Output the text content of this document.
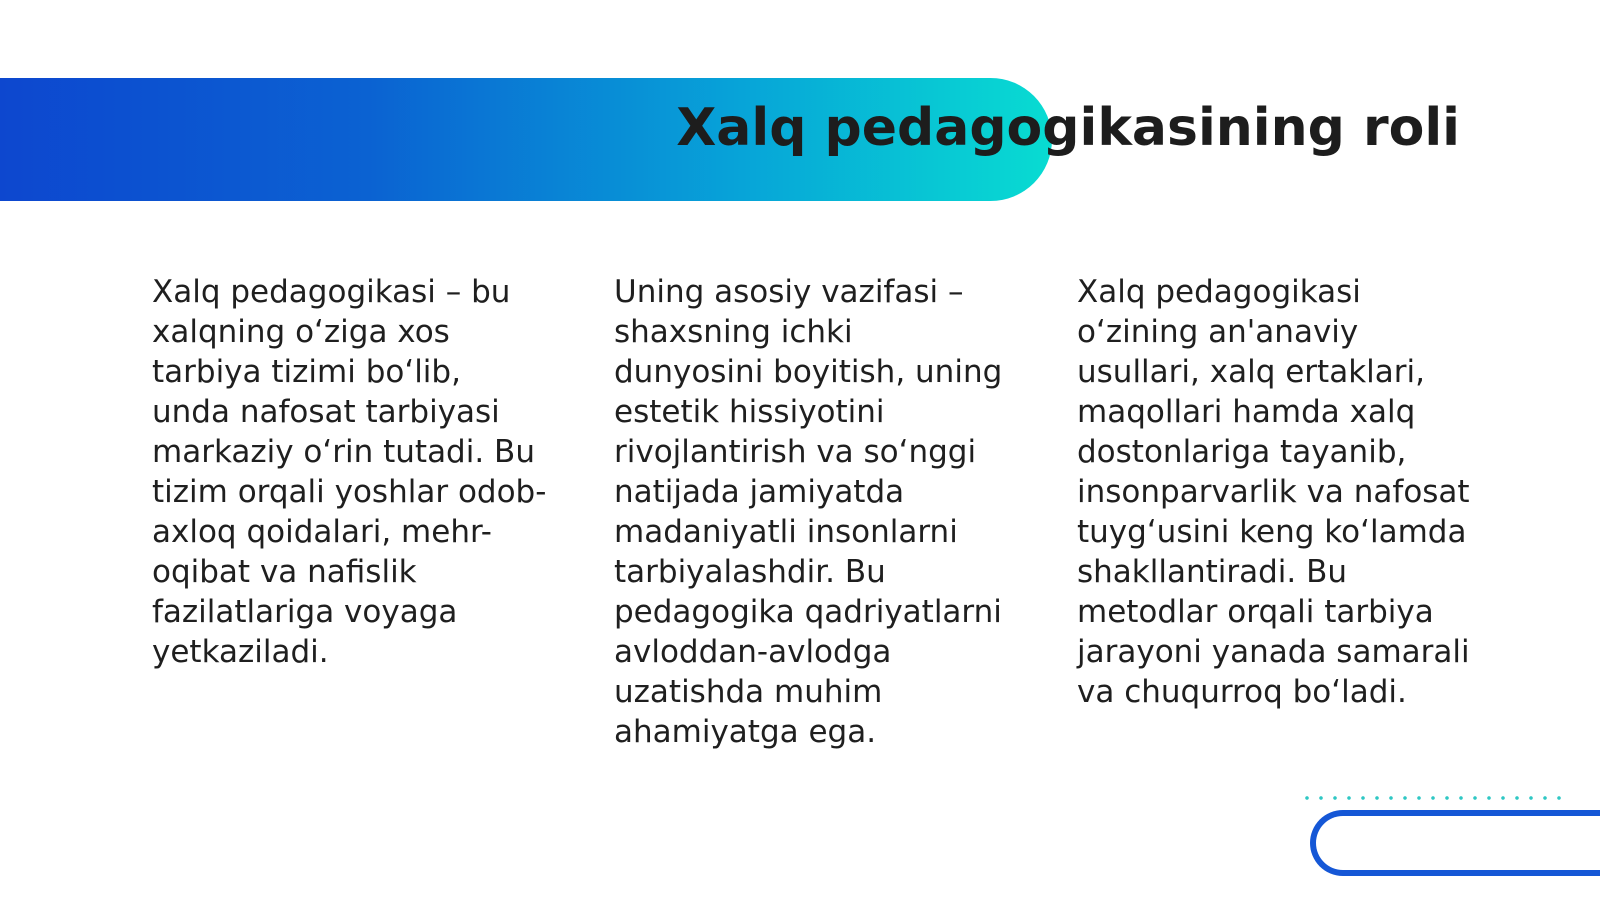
Xalq pedagogikasining roli
Xalq pedagogikasi – bu xalqning o‘ziga xos tarbiya tizimi bo‘lib, unda nafosat tarbiyasi markaziy o‘rin tutadi. Bu tizim orqali yoshlar odob-axloq qoidalari, mehr-oqibat va nafislik fazilatlariga voyaga yetkaziladi.
Uning asosiy vazifasi – shaxsning ichki dunyosini boyitish, uning estetik hissiyotini rivojlantirish va so‘nggi natijada jamiyatda madaniyatli insonlarni tarbiyalashdir. Bu pedagogika qadriyatlarni avloddan-avlodga uzatishda muhim ahamiyatga ega.
Xalq pedagogikasi o‘zining an'anaviy usullari, xalq ertaklari, maqollari hamda xalq dostonlariga tayanib, insonparvarlik va nafosat tuyg‘usini keng ko‘lamda shakllantiradi. Bu metodlar orqali tarbiya jarayoni yanada samarali va chuqurroq bo‘ladi.
